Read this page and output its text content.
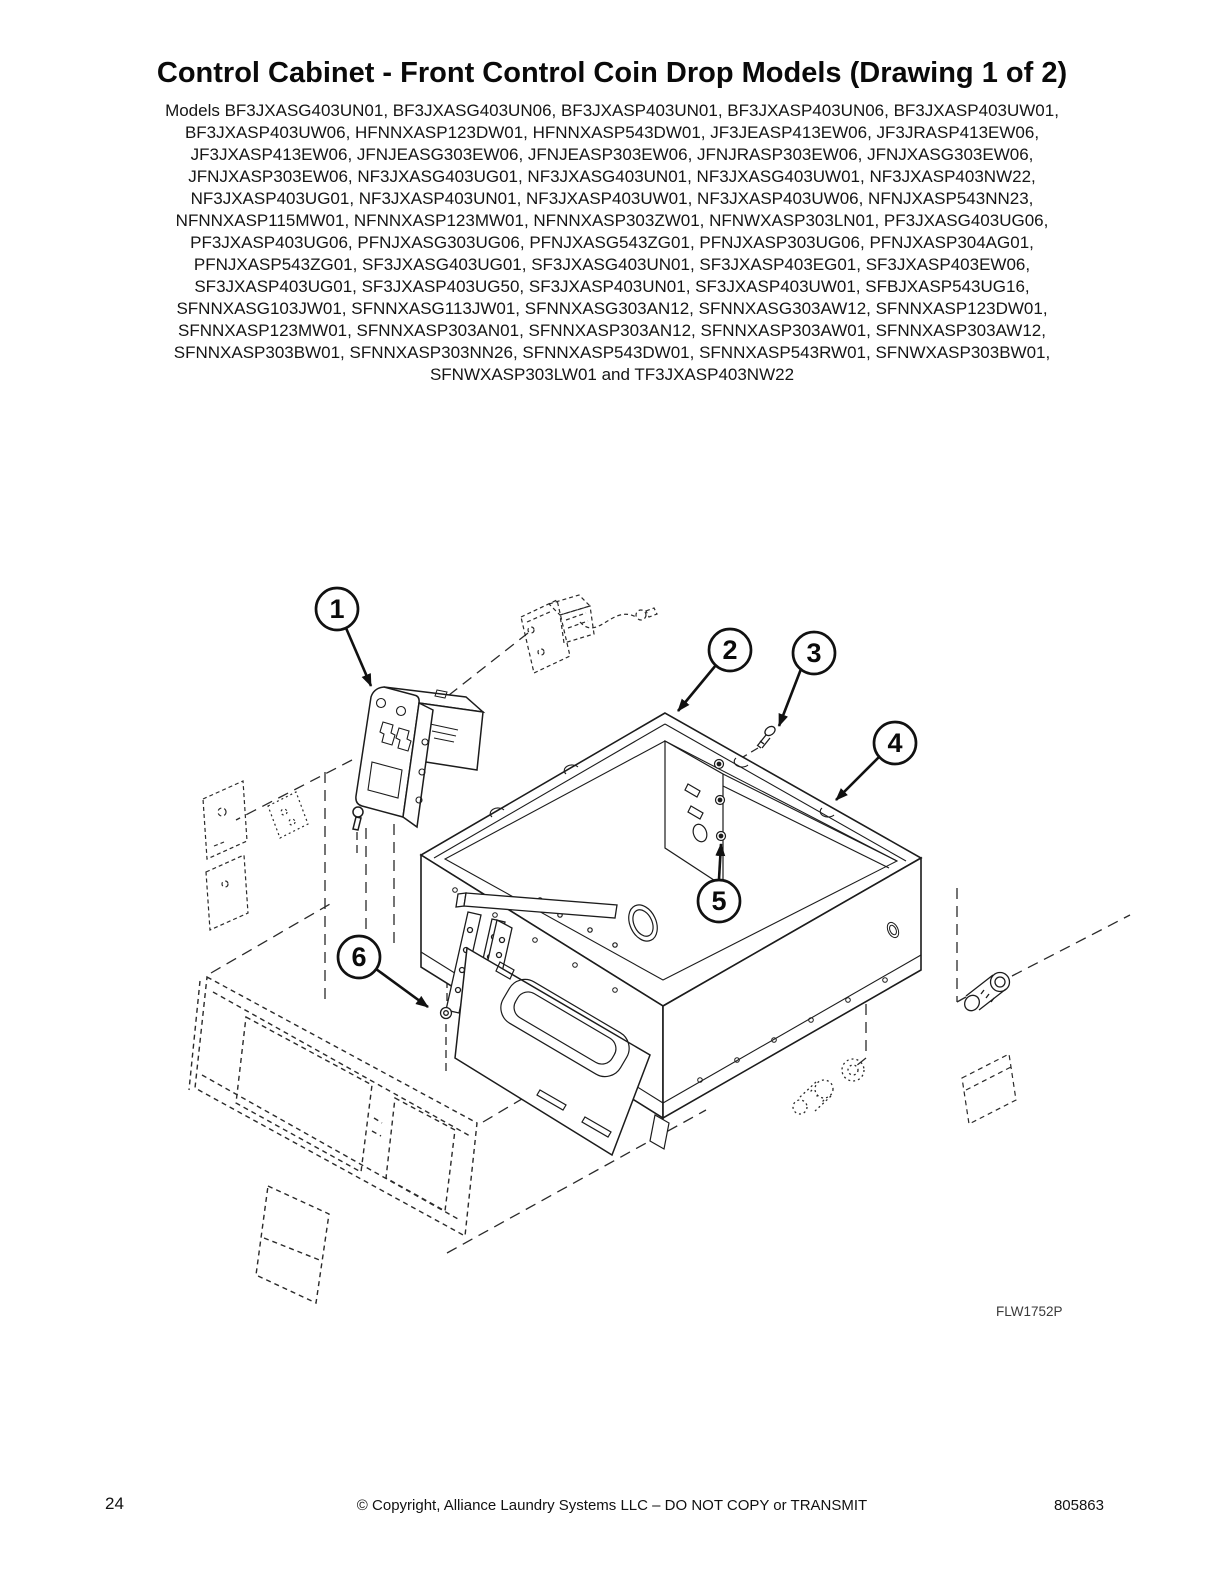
1
2	3
4
5
6
FLW1752P
Control Cabinet - Front Control Coin Drop Models (Drawing 1 of 2)
Models BF3JXASG403UN01, BF3JXASG403UN06, BF3JXASP403UN01, BF3JXASP403UN06, BF3JXASP403UW01,
BF3JXASP403UW06, HFNNXASP123DW01, HFNNXASP543DW01, JF3JEASP413EW06, JF3JRASP413EW06,
JF3JXASP413EW06, JFNJEASG303EW06, JFNJEASP303EW06, JFNJRASP303EW06, JFNJXASG303EW06,
JFNJXASP303EW06, NF3JXASG403UG01, NF3JXASG403UN01, NF3JXASG403UW01, NF3JXASP403NW22,
NF3JXASP403UG01, NF3JXASP403UN01, NF3JXASP403UW01, NF3JXASP403UW06, NFNJXASP543NN23,
NFNNXASP115MW01, NFNNXASP123MW01, NFNNXASP303ZW01, NFNWXASP303LN01, PF3JXASG403UG06,
PF3JXASP403UG06, PFNJXASG303UG06, PFNJXASG543ZG01, PFNJXASP303UG06, PFNJXASP304AG01,
PFNJXASP543ZG01, SF3JXASG403UG01, SF3JXASG403UN01, SF3JXASP403EG01, SF3JXASP403EW06,
SF3JXASP403UG01, SF3JXASP403UG50, SF3JXASP403UN01, SF3JXASP403UW01, SFBJXASP543UG16,
SFNNXASG103JW01, SFNNXASG113JW01, SFNNXASG303AN12, SFNNXASG303AW12, SFNNXASP123DW01,
SFNNXASP123MW01, SFNNXASP303AN01, SFNNXASP303AN12, SFNNXASP303AW01, SFNNXASP303AW12,
SFNNXASP303BW01, SFNNXASP303NN26, SFNNXASP543DW01, SFNNXASP543RW01, SFNWXASP303BW01,
SFNWXASP303LW01 and TF3JXASP403NW22
24	© Copyright, Alliance Laundry Systems LLC – DO NOT COPY or TRANSMIT	805863
